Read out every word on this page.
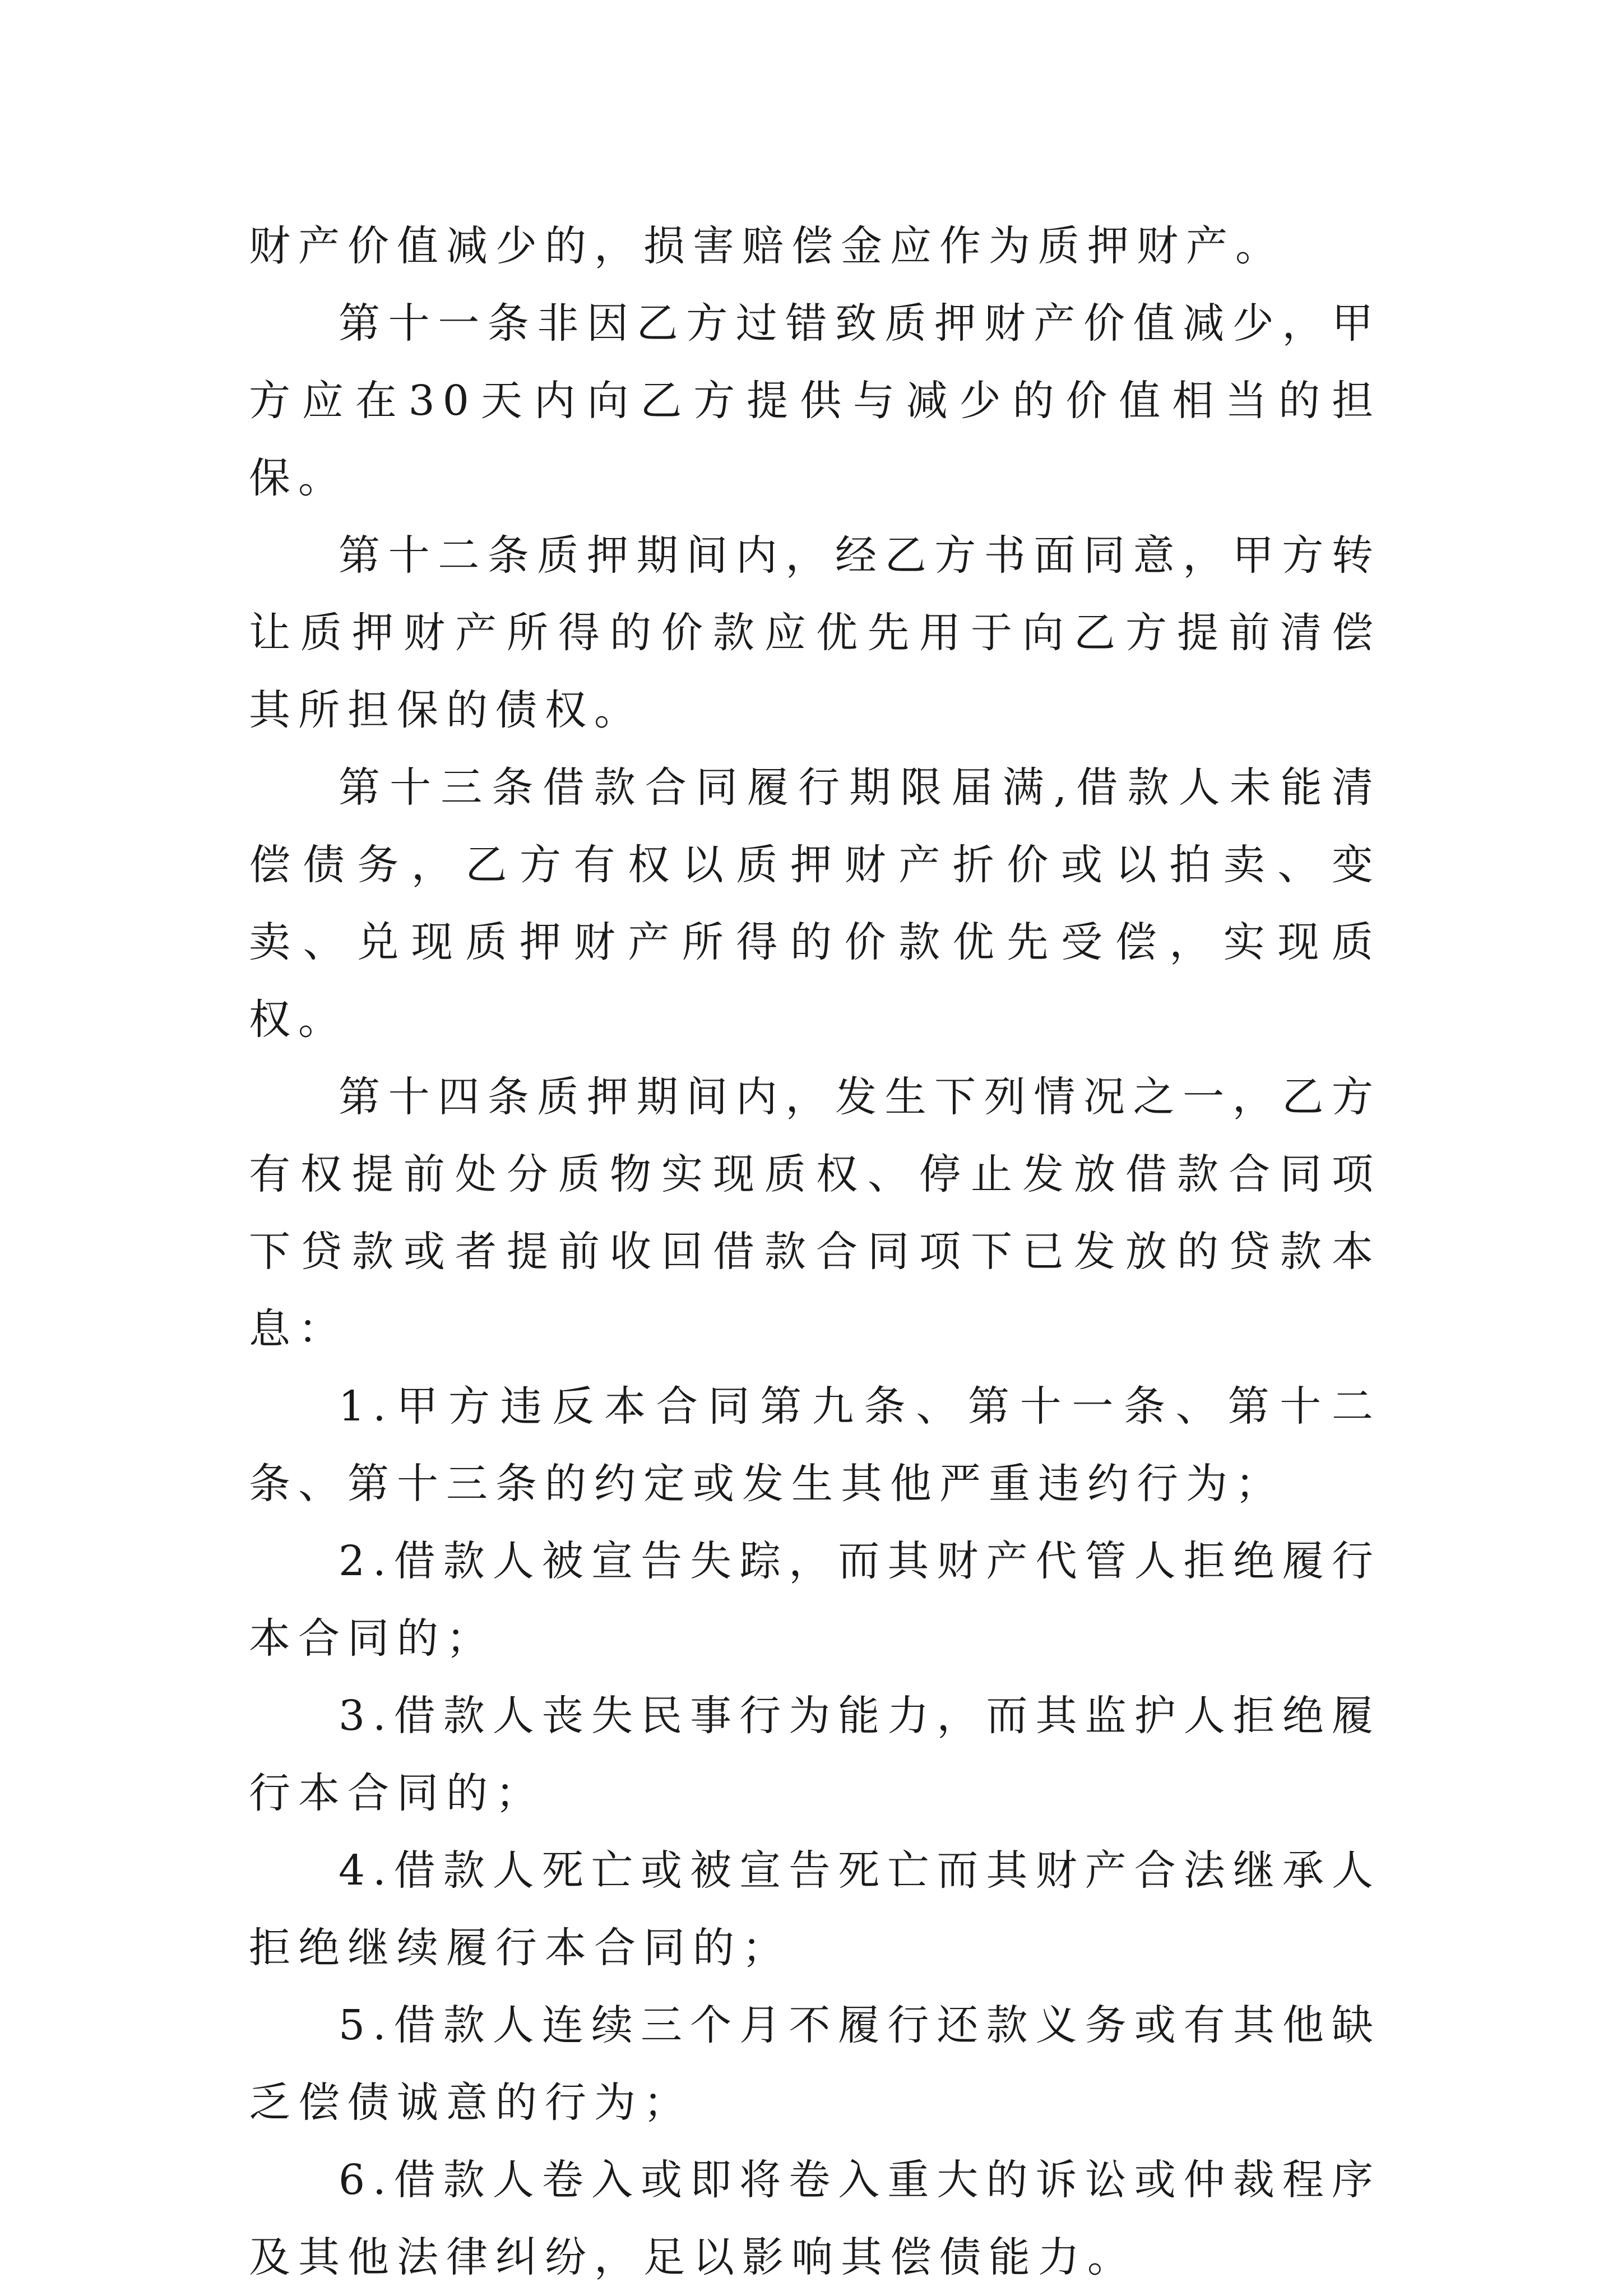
财产价值减少的，损害赔偿金应作为质押财产。

第十一条非因乙方过错致质押财产价值减少，甲方应在30天内向乙方提供与减少的价值相当的担保。

第十二条质押期间内，经乙方书面同意，甲方转让质押财产所得的价款应优先用于向乙方提前清偿其所担保的债权。

第十三条借款合同履行期限届满,借款人未能清偿债务，乙方有权以质押财产折价或以拍卖、变卖、兑现质押财产所得的价款优先受偿，实现质权。

第十四条质押期间内，发生下列情况之一，乙方有权提前处分质物实现质权、停止发放借款合同项下贷款或者提前收回借款合同项下已发放的贷款本息：

1.甲方违反本合同第九条、第十一条、第十二条、第十三条的约定或发生其他严重违约行为；

2.借款人被宣告失踪，而其财产代管人拒绝履行本合同的；

3.借款人丧失民事行为能力，而其监护人拒绝履行本合同的；

4.借款人死亡或被宣告死亡而其财产合法继承人拒绝继续履行本合同的；

5.借款人连续三个月不履行还款义务或有其他缺乏偿债诚意的行为；

6.借款人卷入或即将卷入重大的诉讼或仲裁程序及其他法律纠纷，足以影响其偿债能力。
